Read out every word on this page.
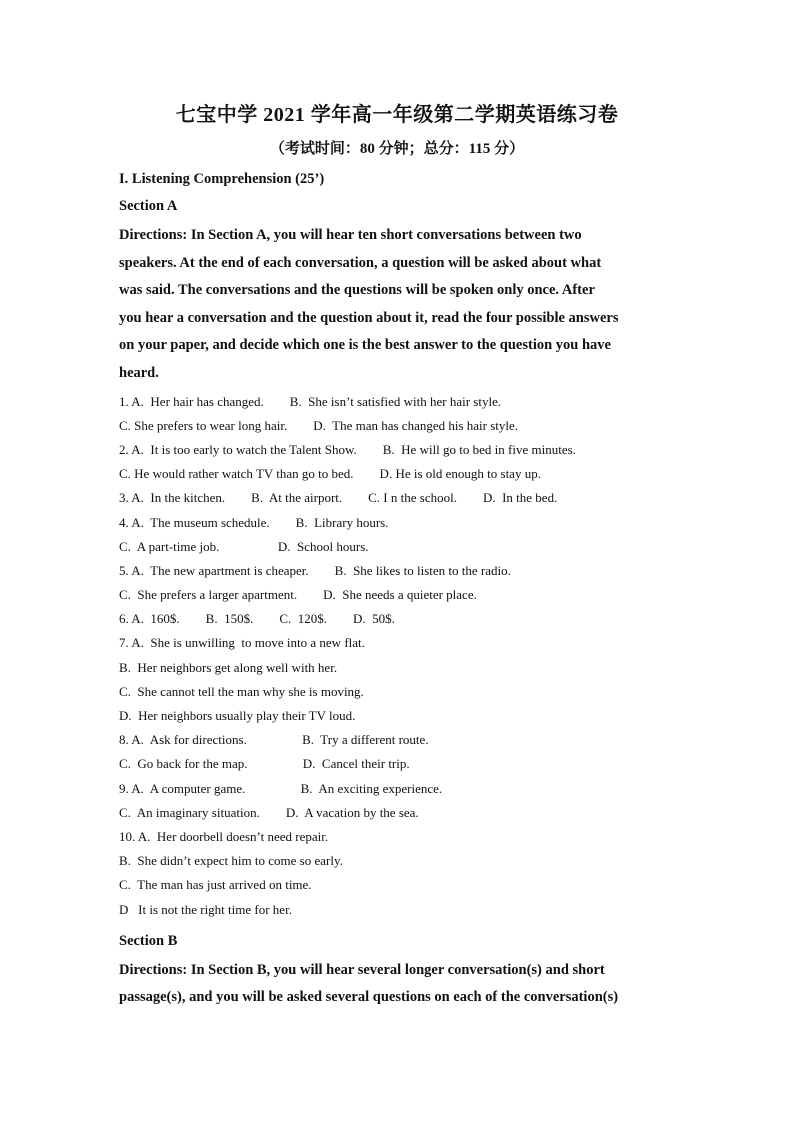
七宝中学 2021 学年高一年级第二学期英语练习卷
（考试时间：80 分钟；总分：115 分）

I. Listening Comprehension (25’)

Section A

Directions: In Section A, you will hear ten short conversations between two

speakers. At the end of each conversation, a question will be asked about what

was said. The conversations and the questions will be spoken only once. After

you hear a conversation and the question about it, read the four possible answers

on your paper, and decide which one is the best answer to the question you have

heard.

1. A.  Her hair has changed.        B.  She isn’t satisfied with her hair style.

C. She prefers to wear long hair.        D.  The man has changed his hair style.

2. A.  It is too early to watch the Talent Show.        B.  He will go to bed in five minutes.

C. He would rather watch TV than go to bed.        D. He is old enough to stay up.

3. A.  In the kitchen.        B.  At the airport.        C. I n the school.        D.  In the bed.

4. A.  The museum schedule.        B.  Library hours.

C.  A part-time job.                  D.  School hours.

5. A.  The new apartment is cheaper.        B.  She likes to listen to the radio.

C.  She prefers a larger apartment.        D.  She needs a quieter place.

6. A.  160$.        B.  150$.        C.  120$.        D.  50$.

7. A.  She is unwilling  to move into a new flat.

B.  Her neighbors get along well with her.

C.  She cannot tell the man why she is moving.

D.  Her neighbors usually play their TV loud.

8. A.  Ask for directions.                 B.  Try a different route.

C.  Go back for the map.                 D.  Cancel their trip.

9. A.  A computer game.                 B.  An exciting experience.

C.  An imaginary situation.        D.  A vacation by the sea.

10. A.  Her doorbell doesn’t need repair.

B.  She didn’t expect him to come so early.

C.  The man has just arrived on time.

D   It is not the right time for her.

Section B

Directions: In Section B, you will hear several longer conversation(s) and short

passage(s), and you will be asked several questions on each of the conversation(s)
